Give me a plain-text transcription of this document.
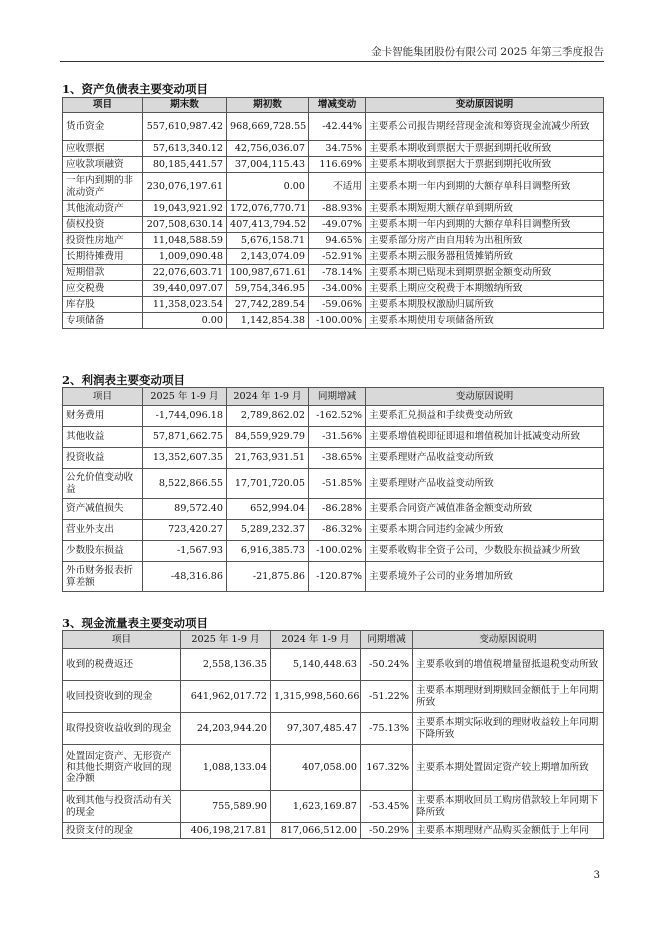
金卡智能集团股份有限公司 2025 年第三季度报告
1、资产负债表主要变动项目
项目	期末数	期初数	增减变动	变动原因说明
货币资金	557,610,987.42	968,669,728.55	-42.44%	主要系公司报告期经营现金流和筹资现金流减少所致
应收票据	57,613,340.12	42,756,036.07	34.75%	主要系本期收到票据大于票据到期托收所致
应收款项融资	80,185,441.57	37,004,115.43	116.69%	主要系本期收到票据大于票据到期托收所致
一年内到期的非流动资产	230,076,197.61	0.00	不适用	主要系本期一年内到期的大额存单科目调整所致
其他流动资产	19,043,921.92	172,076,770.71	-88.93%	主要系本期短期大额存单到期所致
债权投资	207,508,630.14	407,413,794.52	-49.07%	主要系本期一年内到期的大额存单科目调整所致
投资性房地产	11,048,588.59	5,676,158.71	94.65%	主要系部分房产由自用转为出租所致
长期待摊费用	1,009,090.48	2,143,074.09	-52.91%	主要系本期云服务器租赁摊销所致
短期借款	22,076,603.71	100,987,671.61	-78.14%	主要系本期已贴现未到期票据金额变动所致
应交税费	39,440,097.07	59,754,346.95	-34.00%	主要系上期应交税费于本期缴纳所致
库存股	11,358,023.54	27,742,289.54	-59.06%	主要系本期股权激励归属所致
专项储备	0.00	1,142,854.38	-100.00%	主要系本期使用专项储备所致
2、利润表主要变动项目
项目	2025 年 1-9 月	2024 年 1-9 月	同期增减	变动原因说明
财务费用	-1,744,096.18	2,789,862.02	-162.52%	主要系汇兑损益和手续费变动所致
其他收益	57,871,662.75	84,559,929.79	-31.56%	主要系增值税即征即退和增值税加计抵减变动所致
投资收益	13,352,607.35	21,763,931.51	-38.65%	主要系理财产品收益变动所致
公允价值变动收益	8,522,866.55	17,701,720.05	-51.85%	主要系理财产品收益变动所致
资产减值损失	89,572.40	652,994.04	-86.28%	主要系合同资产减值准备金额变动所致
营业外支出	723,420.27	5,289,232.37	-86.32%	主要系本期合同违约金减少所致
少数股东损益	-1,567.93	6,916,385.73	-100.02%	主要系收购非全资子公司，少数股东损益减少所致
外币财务报表折算差额	-48,316.86	-21,875.86	-120.87%	主要系境外子公司的业务增加所致
3、现金流量表主要变动项目
项目	2025 年 1-9 月	2024 年 1-9 月	同期增减	变动原因说明
收到的税费返还	2,558,136.35	5,140,448.63	-50.24%	主要系收到的增值税增量留抵退税变动所致
收回投资收到的现金	641,962,017.72	1,315,998,560.66	-51.22%	主要系本期理财到期赎回金额低于上年同期所致
取得投资收益收到的现金	24,203,944.20	97,307,485.47	-75.13%	主要系本期实际收到的理财收益较上年同期下降所致
处置固定资产、无形资产和其他长期资产收回的现金净额	1,088,133.04	407,058.00	167.32%	主要系本期处置固定资产较上期增加所致
收到其他与投资活动有关的现金	755,589.90	1,623,169.87	-53.45%	主要系本期收回员工购房借款较上年同期下降所致
投资支付的现金	406,198,217.81	817,066,512.00	-50.29%	主要系本期理财产品购买金额低于上年同
3
